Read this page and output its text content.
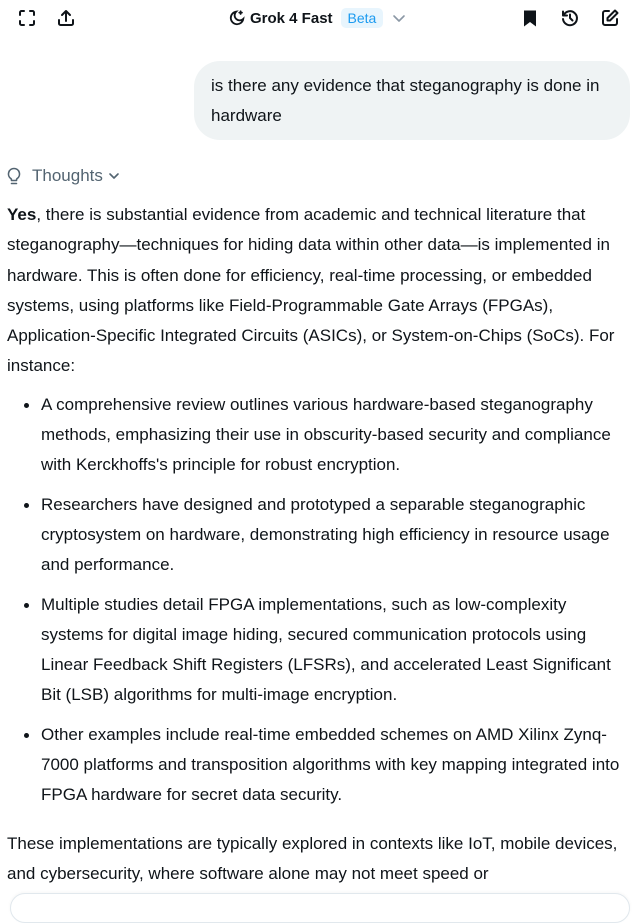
Grok 4 Fast	Beta
is there any evidence that steganography is done in hardware
Thoughts

Yes, there is substantial evidence from academic and technical literature that steganography—techniques for hiding data within other data—is implemented in hardware. This is often done for efficiency, real-time processing, or embedded systems, using platforms like Field-Programmable Gate Arrays (FPGAs), Application-Specific Integrated Circuits (ASICs), or System-on-Chips (SoCs). For instance:

A comprehensive review outlines various hardware-based steganography methods, emphasizing their use in obscurity-based security and compliance with Kerckhoffs's principle for robust encryption.
Researchers have designed and prototyped a separable steganographic cryptosystem on hardware, demonstrating high efficiency in resource usage and performance.
Multiple studies detail FPGA implementations, such as low-complexity systems for digital image hiding, secured communication protocols using Linear Feedback Shift Registers (LFSRs), and accelerated Least Significant Bit (LSB) algorithms for multi-image encryption.
Other examples include real-time embedded schemes on AMD Xilinx Zynq-7000 platforms and transposition algorithms with key mapping integrated into FPGA hardware for secret data security.

These implementations are typically explored in contexts like IoT, mobile devices, and cybersecurity, where software alone may not meet speed or
